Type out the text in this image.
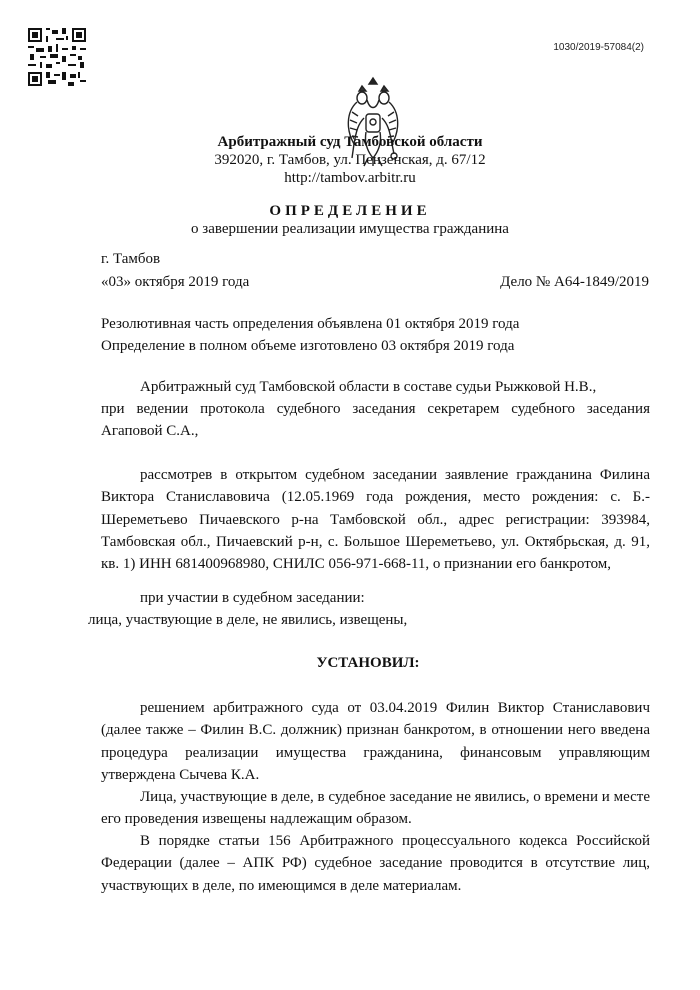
1030/2019-57084(2)
Арбитражный суд Тамбовской области
392020, г. Тамбов, ул. Пензенская, д. 67/12
http://tambov.arbitr.ru
ОПРЕДЕЛЕНИЕ
о завершении реализации имущества гражданина
г. Тамбов
«03» октября 2019 года	Дело № А64-1849/2019
Резолютивная часть определения объявлена 01 октября 2019 года
Определение в полном объеме изготовлено 03 октября 2019 года
Арбитражный суд Тамбовской области в составе судьи Рыжковой Н.В.,
при ведении протокола судебного заседания секретарем судебного заседания Агаповой С.А.,
рассмотрев в открытом судебном заседании заявление гражданина Филина Виктора Станиславовича (12.05.1969 года рождения, место рождения: с. Б.-Шереметьево Пичаевского р-на Тамбовской обл., адрес регистрации: 393984, Тамбовская обл., Пичаевский р-н, с. Большое Шереметьево, ул. Октябрьская, д. 91, кв. 1) ИНН 681400968980, СНИЛС 056-971-668-11, о признании его банкротом,
при участии в судебном заседании:
лица, участвующие в деле, не явились, извещены,
УСТАНОВИЛ:
решением арбитражного суда от 03.04.2019 Филин Виктор Станиславович (далее также – Филин В.С. должник) признан банкротом, в отношении него введена процедура реализации имущества гражданина, финансовым управляющим утверждена Сычева К.А.
Лица, участвующие в деле, в судебное заседание не явились, о времени и месте его проведения извещены надлежащим образом.
В порядке статьи 156 Арбитражного процессуального кодекса Российской Федерации (далее – АПК РФ) судебное заседание проводится в отсутствие лиц, участвующих в деле, по имеющимся в деле материалам.
